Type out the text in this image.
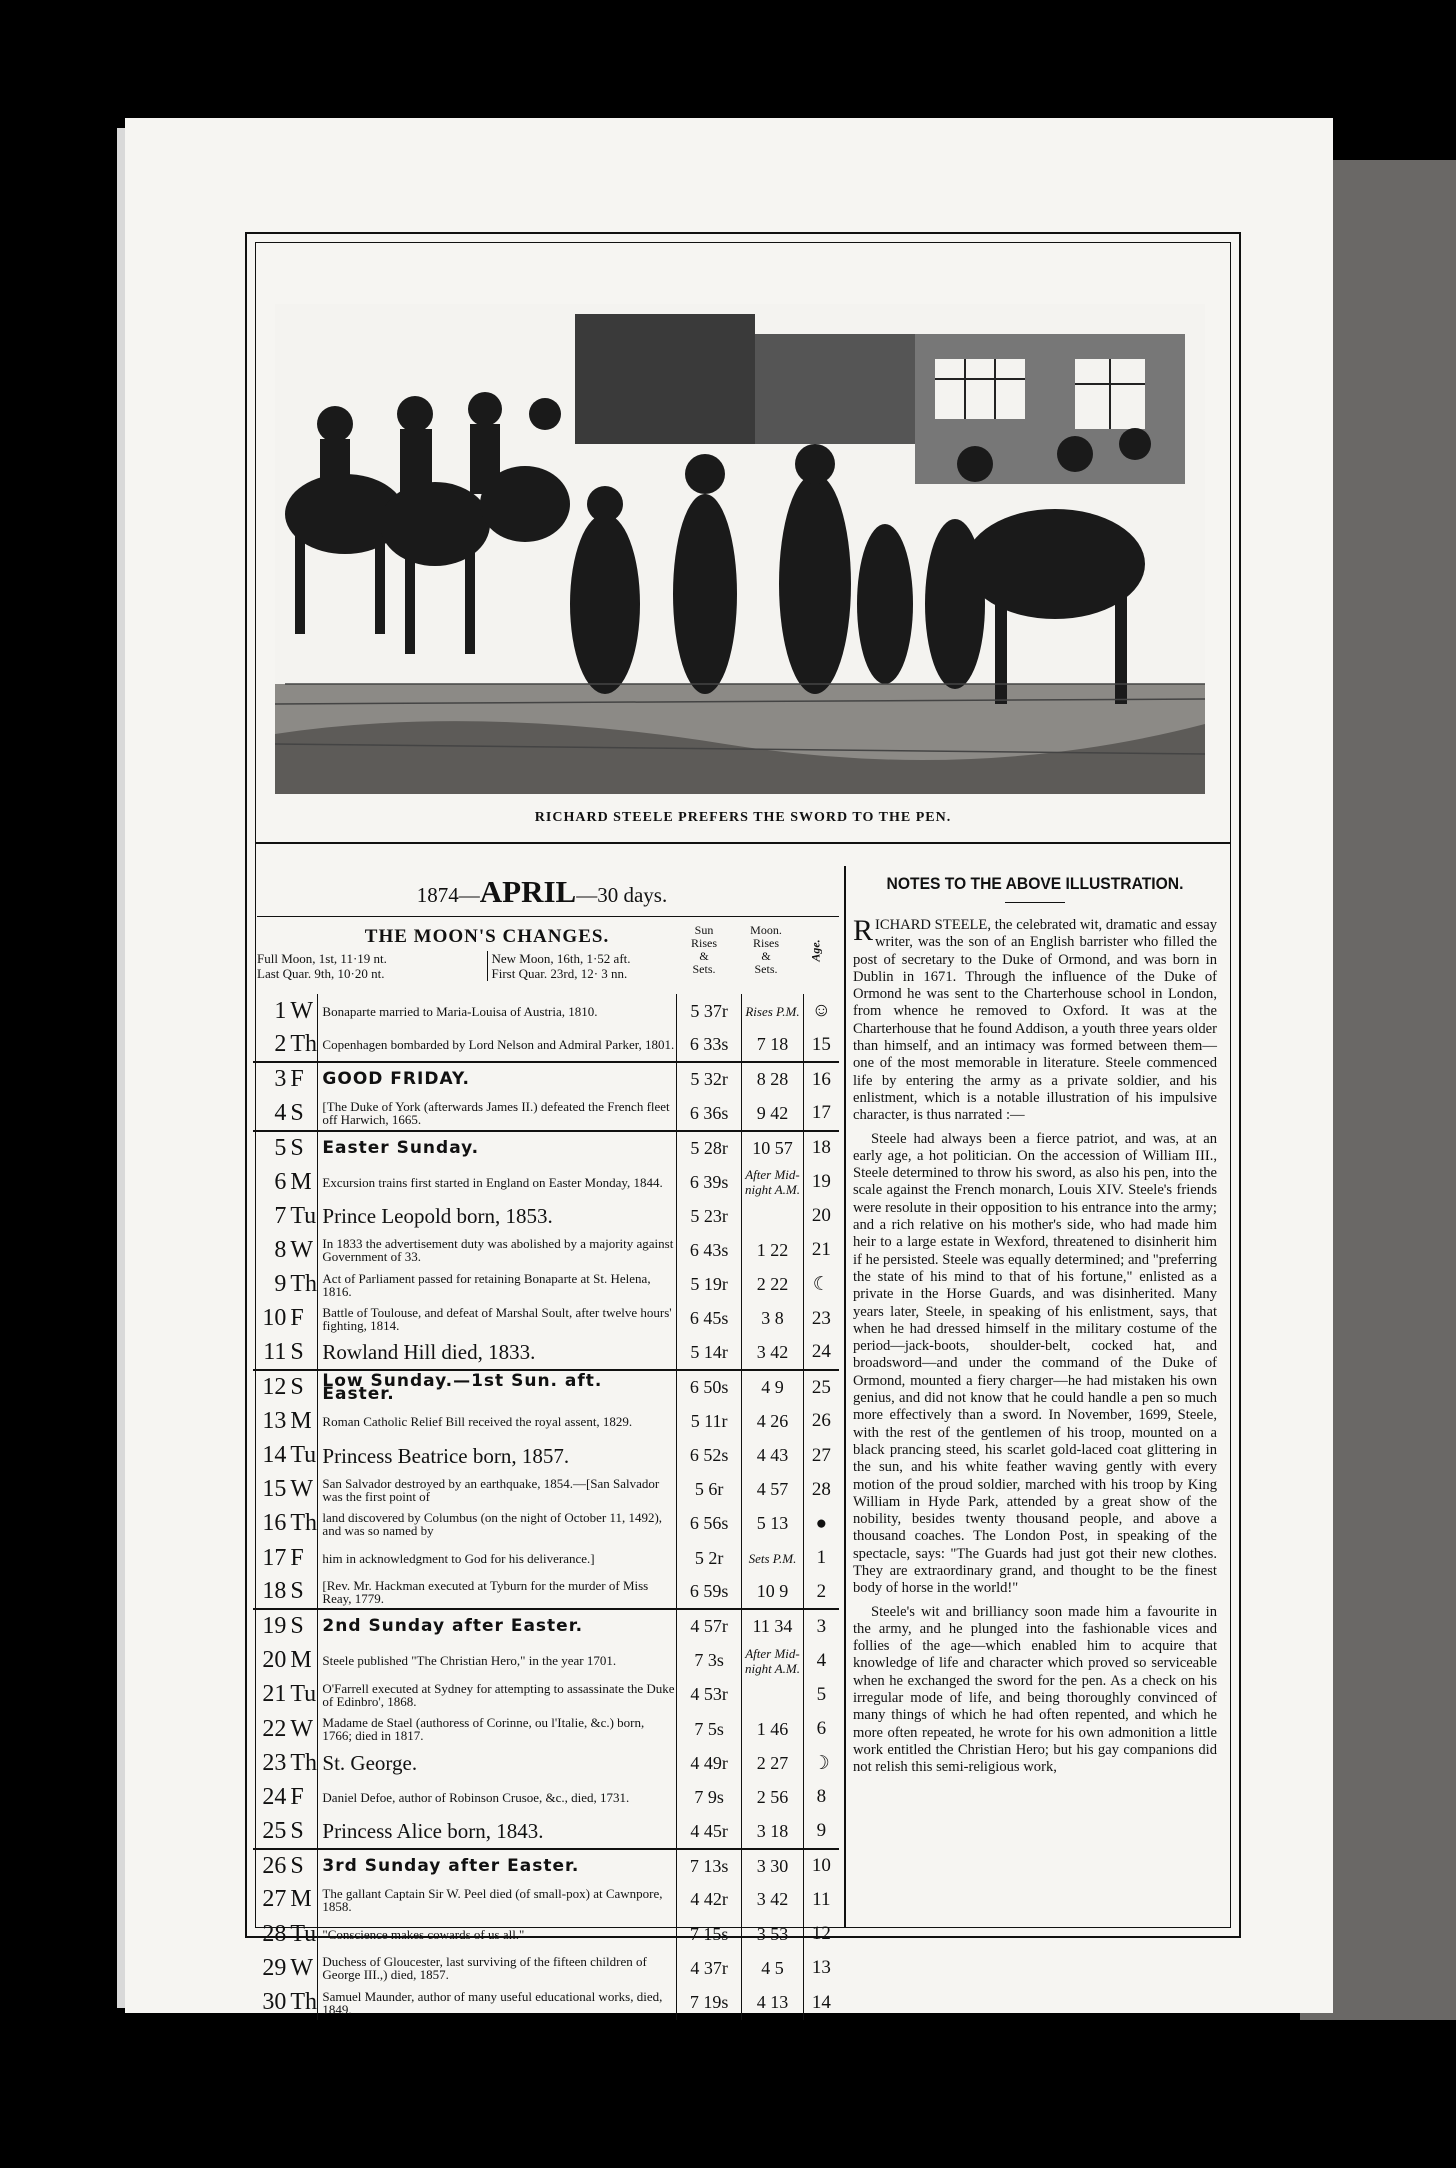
RICHARD STEELE PREFERS THE SWORD TO THE PEN.
1874—APRIL—30 days.
THE MOON'S CHANGES.
Full Moon, 1st, 11·19 nt.
Last Quar. 9th, 10·20 nt.
New Moon, 16th, 1·52 aft.
First Quar. 23rd, 12· 3 nn.
Sun
Rises
&
Sets.
Moon.
Rises
&
Sets.
Age.
1	W	Bonaparte married to Maria-Louisa of Austria, 1810.	5 37r	Rises P.M.	☺
2	Th	Copenhagen bombarded by Lord Nelson and Admiral Parker, 1801.	6 33s	7 18	15
3	F	GOOD FRIDAY.	5 32r	8 28	16
4	S	[The Duke of York (afterwards James II.) defeated the French fleet off Harwich, 1665.	6 36s	9 42	17
5	S	Easter Sunday.	5 28r	10 57	18
6	M	Excursion trains first started in England on Easter Monday, 1844.	6 39s	After Mid-night A.M.	19
7	Tu	Prince Leopold born, 1853.	5 23r		20
8	W	In 1833 the advertisement duty was abolished by a majority against Government of 33.	6 43s	1 22	21
9	Th	Act of Parliament passed for retaining Bonaparte at St. Helena, 1816.	5 19r	2 22	☾
10	F	Battle of Toulouse, and defeat of Marshal Soult, after twelve hours' fighting, 1814.	6 45s	3 8	23
11	S	Rowland Hill died, 1833.	5 14r	3 42	24
12	S	Low Sunday.—1st Sun. aft. Easter.	6 50s	4 9	25
13	M	Roman Catholic Relief Bill received the royal assent, 1829.	5 11r	4 26	26
14	Tu	Princess Beatrice born, 1857.	6 52s	4 43	27
15	W	San Salvador destroyed by an earthquake, 1854.—[San Salvador was the first point of	5 6r	4 57	28
16	Th	land discovered by Columbus (on the night of October 11, 1492), and was so named by	6 56s	5 13	●
17	F	him in acknowledgment to God for his deliverance.]	5 2r	Sets P.M.	1
18	S	[Rev. Mr. Hackman executed at Tyburn for the murder of Miss Reay, 1779.	6 59s	10 9	2
19	S	2nd Sunday after Easter.	4 57r	11 34	3
20	M	Steele published "The Christian Hero," in the year 1701.	7 3s	After Mid-night A.M.	4
21	Tu	O'Farrell executed at Sydney for attempting to assassinate the Duke of Edinbro', 1868.	4 53r		5
22	W	Madame de Stael (authoress of Corinne, ou l'Italie, &c.) born, 1766; died in 1817.	7 5s	1 46	6
23	Th	St. George.	4 49r	2 27	☽
24	F	Daniel Defoe, author of Robinson Crusoe, &c., died, 1731.	7 9s	2 56	8
25	S	Princess Alice born, 1843.	4 45r	3 18	9
26	S	3rd Sunday after Easter.	7 13s	3 30	10
27	M	The gallant Captain Sir W. Peel died (of small-pox) at Cawnpore, 1858.	4 42r	3 42	11
28	Tu	"Conscience makes cowards of us all."	7 15s	3 53	12
29	W	Duchess of Gloucester, last surviving of the fifteen children of George III.,) died, 1857.	4 37r	4 5	13
30	Th	Samuel Maunder, author of many useful educational works, died, 1849.	7 19s	4 13	14
NOTES TO THE ABOVE ILLUSTRATION.

RICHARD STEELE, the celebrated wit, dramatic and essay writer, was the son of an English barrister who filled the post of secretary to the Duke of Ormond, and was born in Dublin in 1671. Through the influence of the Duke of Ormond he was sent to the Charterhouse school in London, from whence he removed to Oxford. It was at the Charterhouse that he found Addison, a youth three years older than himself, and an intimacy was formed between them—one of the most memorable in literature. Steele commenced life by entering the army as a private soldier, and his enlistment, which is a notable illustration of his impulsive character, is thus narrated :—

Steele had always been a fierce patriot, and was, at an early age, a hot politician. On the accession of William III., Steele determined to throw his sword, as also his pen, into the scale against the French monarch, Louis XIV. Steele's friends were resolute in their opposition to his entrance into the army; and a rich relative on his mother's side, who had made him heir to a large estate in Wexford, threatened to disinherit him if he persisted. Steele was equally determined; and "preferring the state of his mind to that of his fortune," enlisted as a private in the Horse Guards, and was disinherited. Many years later, Steele, in speaking of his enlistment, says, that when he had dressed himself in the military costume of the period—jack-boots, shoulder-belt, cocked hat, and broadsword—and under the command of the Duke of Ormond, mounted a fiery charger—he had mistaken his own genius, and did not know that he could handle a pen so much more effectively than a sword. In November, 1699, Steele, with the rest of the gentlemen of his troop, mounted on a black prancing steed, his scarlet gold-laced coat glittering in the sun, and his white feather waving gently with every motion of the proud soldier, marched with his troop by King William in Hyde Park, attended by a great show of the nobility, besides twenty thousand people, and above a thousand coaches. The London Post, in speaking of the spectacle, says: "The Guards had just got their new clothes. They are extraordinary grand, and thought to be the finest body of horse in the world!"

Steele's wit and brilliancy soon made him a favourite in the army, and he plunged into the fashionable vices and follies of the age—which enabled him to acquire that knowledge of life and character which proved so serviceable when he exchanged the sword for the pen. As a check on his irregular mode of life, and being thoroughly convinced of many things of which he had often repented, and which he more often repeated, he wrote for his own admonition a little work entitled the Christian Hero; but his gay companions did not relish this semi-religious work,
